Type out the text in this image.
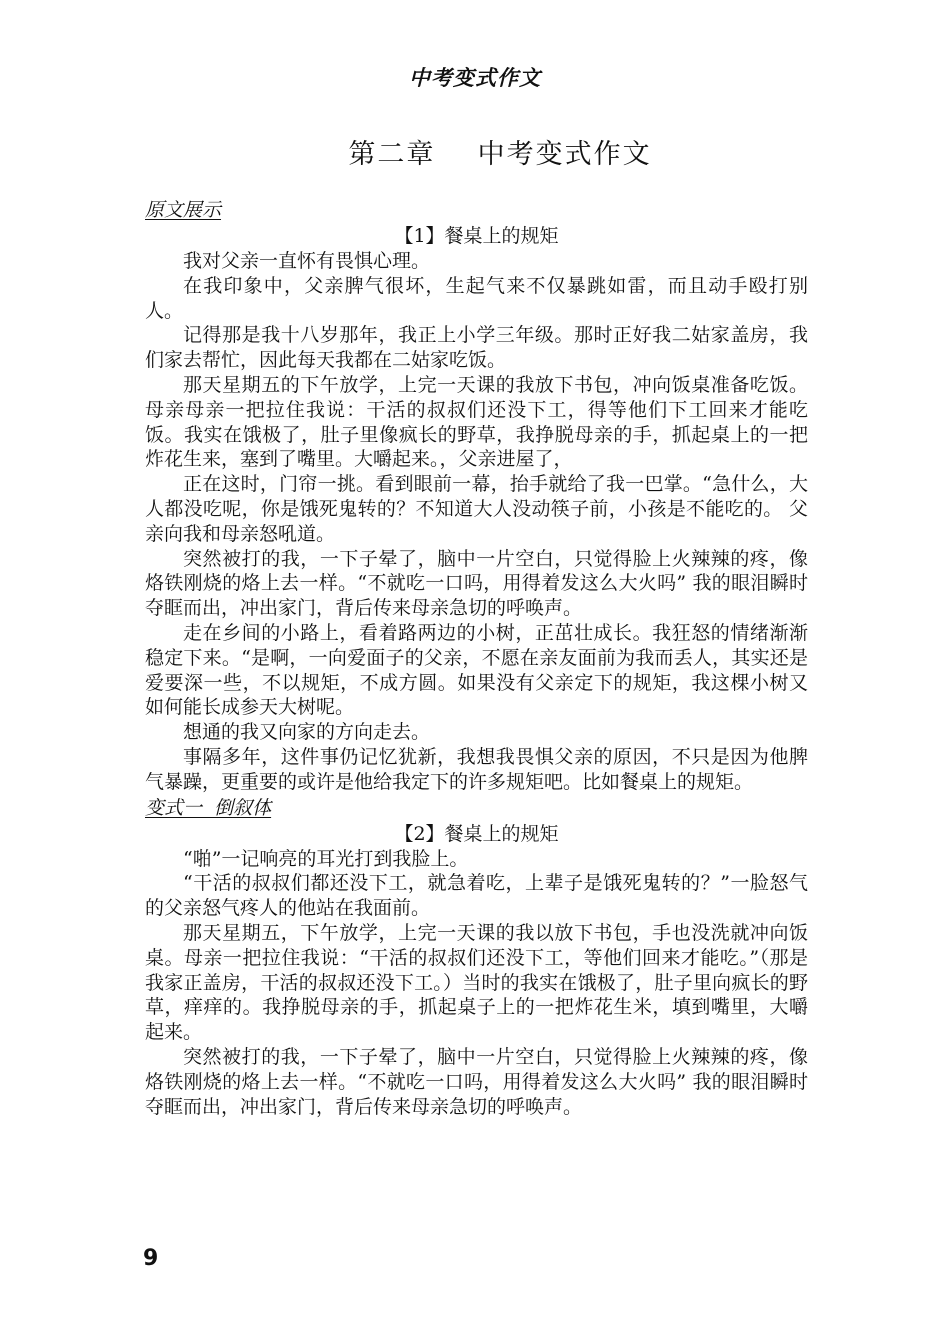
中考变式作文
第二章    中考变式作文
原文展示
【1】餐桌上的规矩

我对父亲一直怀有畏惧心理。

在我印象中，父亲脾气很坏，生起气来不仅暴跳如雷，而且动手殴打别人。

记得那是我十八岁那年，我正上小学三年级。那时正好我二姑家盖房，我们家去帮忙，因此每天我都在二姑家吃饭。

那天星期五的下午放学，上完一天课的我放下书包，冲向饭桌准备吃饭。母亲母亲一把拉住我说：干活的叔叔们还没下工，得等他们下工回来才能吃饭。我实在饿极了，肚子里像疯长的野草，我挣脱母亲的手，抓起桌上的一把炸花生来，塞到了嘴里。大嚼起来。，父亲进屋了，

正在这时，门帘一挑。看到眼前一幕，抬手就给了我一巴掌。“急什么，大人都没吃呢，你是饿死鬼转的？不知道大人没动筷子前，小孩是不能吃的。 父亲向我和母亲怒吼道。

突然被打的我，一下子晕了，脑中一片空白，只觉得脸上火辣辣的疼，像烙铁刚烧的烙上去一样。“不就吃一口吗，用得着发这么大火吗” 我的眼泪瞬时夺眶而出，冲出家门，背后传来母亲急切的呼唤声。

走在乡间的小路上，看着路两边的小树，正茁壮成长。我狂怒的情绪渐渐稳定下来。“是啊，一向爱面子的父亲，不愿在亲友面前为我而丢人，其实还是爱要深一些，不以规矩，不成方圆。如果没有父亲定下的规矩，我这棵小树又如何能长成参天大树呢。

想通的我又向家的方向走去。

事隔多年，这件事仍记忆犹新，我想我畏惧父亲的原因，不只是因为他脾气暴躁，更重要的或许是他给我定下的许多规矩吧。比如餐桌上的规矩。

变式一  倒叙体
【2】餐桌上的规矩

“啪”一记响亮的耳光打到我脸上。

“干活的叔叔们都还没下工，就急着吃，上辈子是饿死鬼转的？”一脸怒气的父亲怒气疼人的他站在我面前。

那天星期五，下午放学，上完一天课的我以放下书包，手也没洗就冲向饭桌。母亲一把拉住我说：“干活的叔叔们还没下工，等他们回来才能吃。”（那是我家正盖房，干活的叔叔还没下工。）当时的我实在饿极了，肚子里向疯长的野草，痒痒的。我挣脱母亲的手，抓起桌子上的一把炸花生米，填到嘴里，大嚼起来。

突然被打的我，一下子晕了，脑中一片空白，只觉得脸上火辣辣的疼，像烙铁刚烧的烙上去一样。“不就吃一口吗，用得着发这么大火吗” 我的眼泪瞬时夺眶而出，冲出家门，背后传来母亲急切的呼唤声。

9
